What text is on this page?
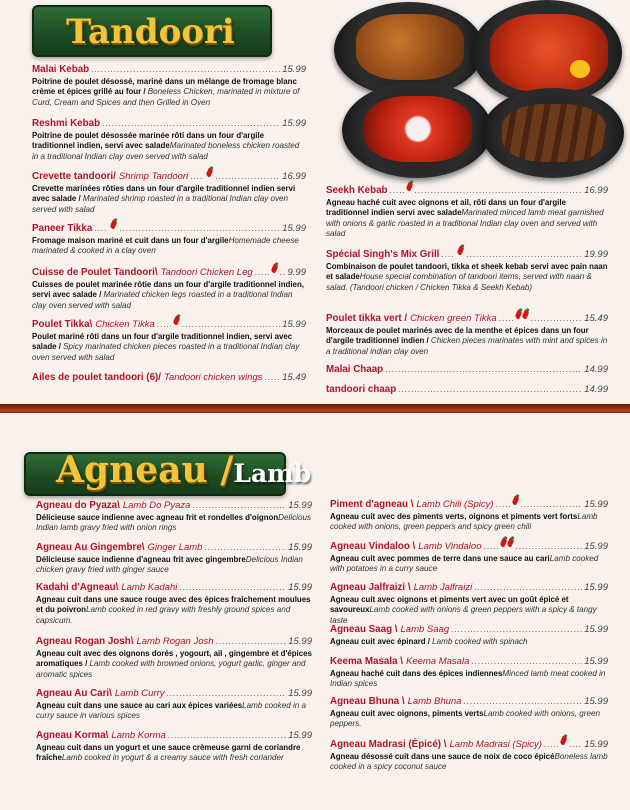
Tandoori
Malai Kebab .....	15.99
Poitrine de poulet désossé, mariné dans un mélange de fromage blanc crème et épices grillé au four / Boneless Chicken, marinated in mixture of Curd, Cream and Spices and then Grilled in Oven
Reshmi Kebab .....	15.99
Poitrine de poulet désossée marinée rôti dans un four d'argile traditionnel indien, servi avec saladeMarinated boneless chicken roasted in a traditional Indian clay oven served with salad
Crevette tandoori/ Shrimp Tandoori ..... .....	16.99
Crevette marinées rôties dans un four d'argile traditionnel indien servi avec salade / Marinated shrimp roasted in a traditional Indian clay oven served with salad
Paneer Tikka ..... .....	15.99
Fromage maison mariné et cuit dans un four d'argileHomemade cheese marinated & cooked in a clay oven
Cuisse de Poulet Tandoori\ Tandoori Chicken Leg ..... .....	9.99
Cuisses de poulet marinée rôtie dans un four d'argile traditionnel indien, servi avec salade / Marinated chicken legs roasted in a traditional Indian clay oven served with salad
Poulet Tikka\ Chicken Tikka ..... .....	15.99
Poulet mariné rôti dans un four d'argile traditionnel indien, servi avec salade / Spicy marinated chicken pieces roasted in a traditional Indian clay oven served with salad
Ailes de poulet tandoori (6)/ Tandoori chicken wings ..... 15.49
Seekh Kebab ..... .....	16.99
Agneau haché cuit avec oignons et ail, rôti dans un four d'argile traditionnel indien servi avec saladeMarinated minced lamb meat garnished with onions & garlic roasted in a traditional Indian clay oven and served with salad
Spécial Singh's Mix Grill ..... .....	19.99
Combinaison de poulet tandoori, tikka et sheek kebab servi avec pain naan et saladeHouse special combination of tandoori items, served with naan & salad. (Tandoori chicken / Chicken Tikka & Seekh Kebab)
Poulet tikka vert / Chicken green Tikka ..... .....	15.49
Morceaux de poulet marinés avec de la menthe et épices dans un four d'argile traditionnel indien / Chicken pieces marinates with mint and spices in a traditional indian clay oven
Malai Chaap .....	14.99
tandoori chaap .....	14.99
Agneau /Lamb
Agneau do Pyaza\ Lamb Do Pyaza .....	15.99
Délicieuse sauce indienne avec agneau frit et rondelles d'oignonDelicious Indian lamb gravy fried with onion rings
Agneau Au Gingembre\ Ginger Lamb .....	15.99
Délicieuse sauce indienne d'agneau frit avec gingembreDelicious Indian chicken gravy fried with ginger sauce
Kadahi d'Agneau\ Lamb Kadahi .....	15.99
Agneau cuit dans une sauce rouge avec des épices fraîchement moulues et du poivronLamb cooked in red gravy with freshly ground spices and capsicum.
Agneau Rogan Josh\ Lamb Rogan Josh .....	15.99
Agneau cuit avec des oignons dorés , yogourt, ail , gingembre et d'épices aromatiques / Lamb cooked with browned onions, yogurt garlic, ginger and aromatic spices
Agneau Au Cari\ Lamb Curry .....	15.99
Agneau cuit dans une sauce au cari aux épices variéesLamb cooked in a curry sauce in various spices
Agneau Korma\ Lamb Korma .....	15.99
Agneau cuit dans un yogurt et une sauce crèmeuse garni de coriandre fraîcheLamb cooked in yogurt & a creamy sauce with fresh coriander
Piment d'agneau \ Lamb Chili (Spicy) ..... .....	15.99
Agneau cuit avec des piments verts, oignons et piments vert fortsLamb cooked with onions, green peppers and spicy green chili
Agneau Vindaloo \ Lamb Vindaloo ..... .....	15.99
Agneau cuit avec pommes de terre dans une sauce au cariLamb cooked with potatoes in a curry sauce
Agneau Jalfraizi \ Lamb Jalfraizi .....	15.99
Agneau cuit avec oignons et piments vert avec un goût épicé et savoureuxLamb cooked with onions & green peppers with a spicy & tangy taste
Agneau Saag \ Lamb Saag .....	15.99
Agneau cuit avec épinard / Lamb cooked with spinach
Keema Masala \ Keema Masala .....	15.99
Agneau haché cuit dans des épices indiennesMinced lamb meat cooked in Indian spices
Agneau Bhuna \ Lamb Bhuna .....	15.99
Agneau cuit avec oignons, piments vertsLamb cooked with onions, green peppers.
Agneau Madrasi (Épicé) \ Lamb Madrasi (Spicy) ..... .....	15.99
Agneau désossé cuit dans une sauce de noix de coco épicéBoneless lamb cooked in a spicy coconut sauce
